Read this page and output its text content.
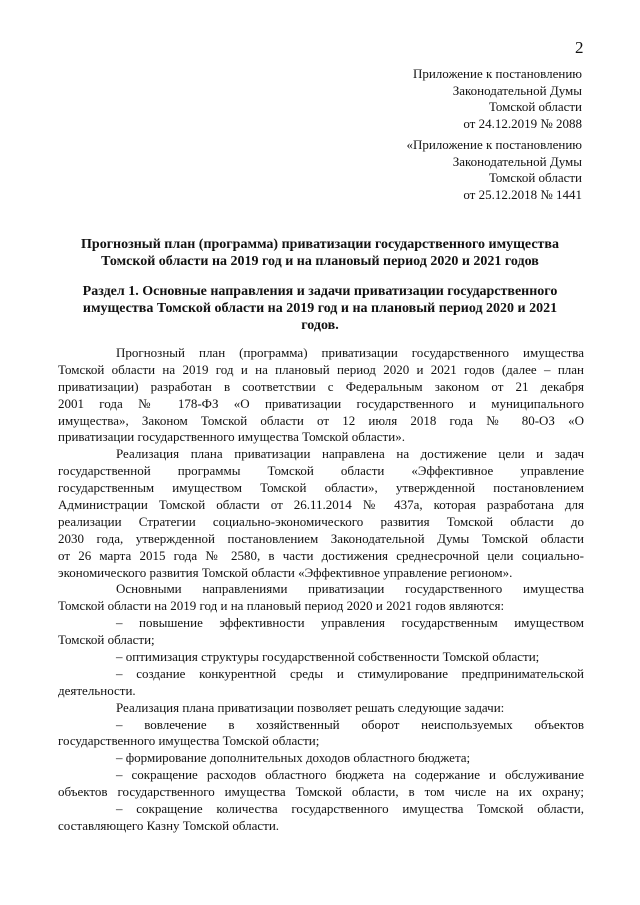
2
Приложение к постановлению
Законодательной Думы
Томской области
от 24.12.2019 № 2088
«Приложение к постановлению
Законодательной Думы
Томской области
от 25.12.2018 № 1441
Прогнозный план (программа) приватизации государственного имущества
Томской области на 2019 год и на плановый период 2020 и 2021 годов
Раздел 1. Основные направления и задачи приватизации государственного
имущества Томской области на 2019 год и на плановый период 2020 и 2021
годов.
Прогнозный план (программа) приватизации государственного имущества
Томской области на 2019 год и на плановый период 2020 и 2021 годов (далее – план
приватизации) разработан в соответствии с Федеральным законом от 21 декабря
2001 года № 178-ФЗ «О приватизации государственного и муниципального
имущества», Законом Томской области от 12 июля 2018 года № 80-ОЗ «О
приватизации государственного имущества Томской области».
Реализация плана приватизации направлена на достижение цели и задач
государственной программы Томской области «Эффективное управление
государственным имуществом Томской области», утвержденной постановлением
Администрации Томской области от 26.11.2014 № 437а, которая разработана для
реализации Стратегии социально-экономического развития Томской области до
2030 года, утвержденной постановлением Законодательной Думы Томской области
от 26 марта 2015 года № 2580, в части достижения среднесрочной цели социально-
экономического развития Томской области «Эффективное управление регионом».
Основными направлениями приватизации государственного имущества
Томской области на 2019 год и на плановый период 2020 и 2021 годов являются:
– повышение эффективности управления государственным имуществом
Томской области;
– оптимизация структуры государственной собственности Томской области;
– создание конкурентной среды и стимулирование предпринимательской
деятельности.
Реализация плана приватизации позволяет решать следующие задачи:
– вовлечение в хозяйственный оборот неиспользуемых объектов
государственного имущества Томской области;
– формирование дополнительных доходов областного бюджета;
– сокращение расходов областного бюджета на содержание и обслуживание
объектов государственного имущества Томской области, в том числе на их охрану;
– сокращение количества государственного имущества Томской области,
составляющего Казну Томской области.
